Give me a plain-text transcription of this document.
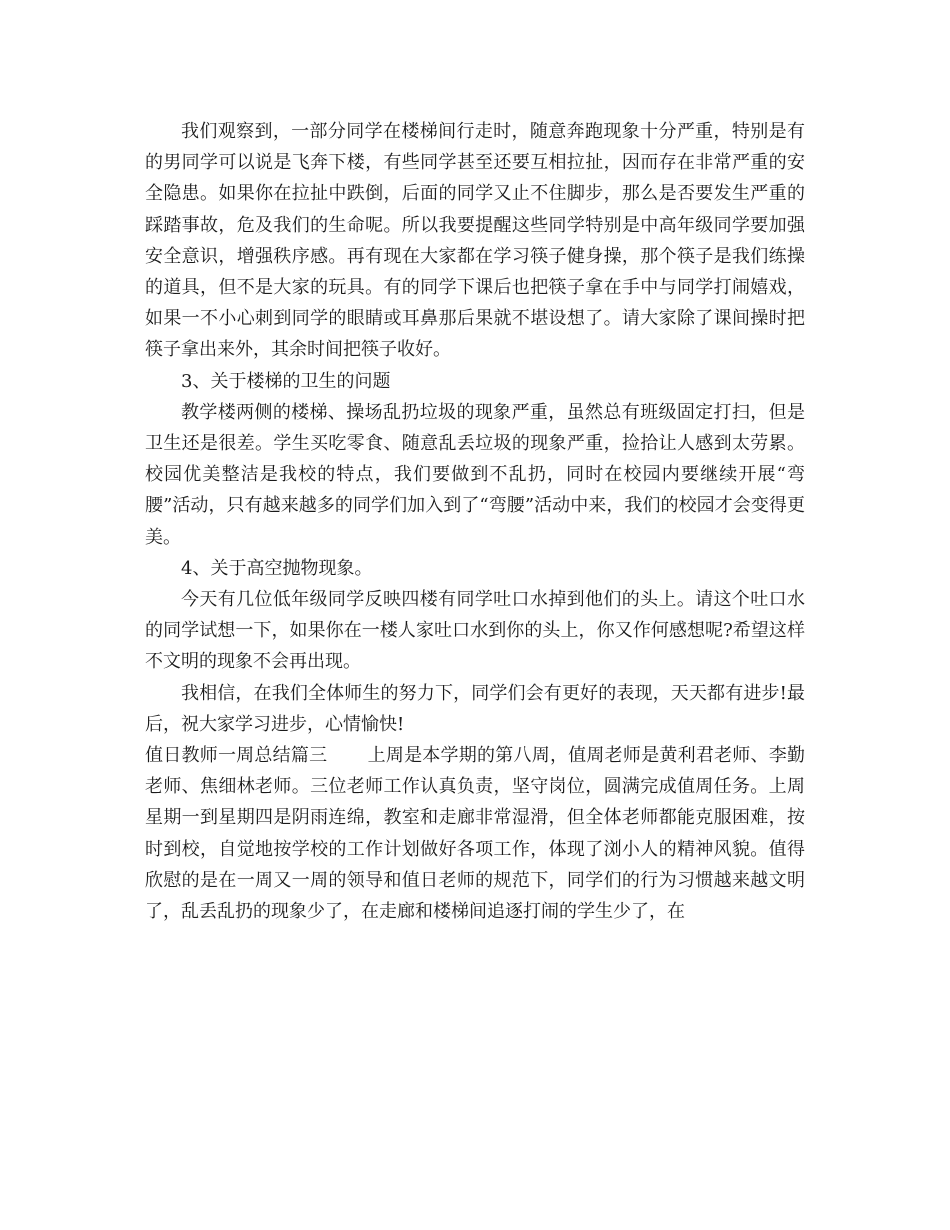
我们观察到，一部分同学在楼梯间行走时，随意奔跑现象十分严重，特别是有的男同学可以说是飞奔下楼，有些同学甚至还要互相拉扯，因而存在非常严重的安全隐患。如果你在拉扯中跌倒，后面的同学又止不住脚步，那么是否要发生严重的踩踏事故，危及我们的生命呢。所以我要提醒这些同学特别是中高年级同学要加强安全意识，增强秩序感。再有现在大家都在学习筷子健身操，那个筷子是我们练操的道具，但不是大家的玩具。有的同学下课后也把筷子拿在手中与同学打闹嬉戏，如果一不小心刺到同学的眼睛或耳鼻那后果就不堪设想了。请大家除了课间操时把筷子拿出来外，其余时间把筷子收好。

3、关于楼梯的卫生的问题

教学楼两侧的楼梯、操场乱扔垃圾的现象严重，虽然总有班级固定打扫，但是卫生还是很差。学生买吃零食、随意乱丢垃圾的现象严重，捡拾让人感到太劳累。校园优美整洁是我校的特点，我们要做到不乱扔，同时在校园内要继续开展“弯腰”活动，只有越来越多的同学们加入到了“弯腰”活动中来，我们的校园才会变得更美。

4、关于高空抛物现象。

今天有几位低年级同学反映四楼有同学吐口水掉到他们的头上。请这个吐口水的同学试想一下，如果你在一楼人家吐口水到你的头上，你又作何感想呢?希望这样不文明的现象不会再出现。

我相信，在我们全体师生的努力下，同学们会有更好的表现，天天都有进步!最后，祝大家学习进步，心情愉快!

值日教师一周总结篇三 上周是本学期的第八周，值周老师是黄利君老师、李勤老师、焦细林老师。三位老师工作认真负责，坚守岗位，圆满完成值周任务。上周星期一到星期四是阴雨连绵，教室和走廊非常湿滑，但全体老师都能克服困难，按时到校，自觉地按学校的工作计划做好各项工作，体现了浏小人的精神风貌。值得欣慰的是在一周又一周的领导和值日老师的规范下，同学们的行为习惯越来越文明了，乱丢乱扔的现象少了，在走廊和楼梯间追逐打闹的学生少了，在
